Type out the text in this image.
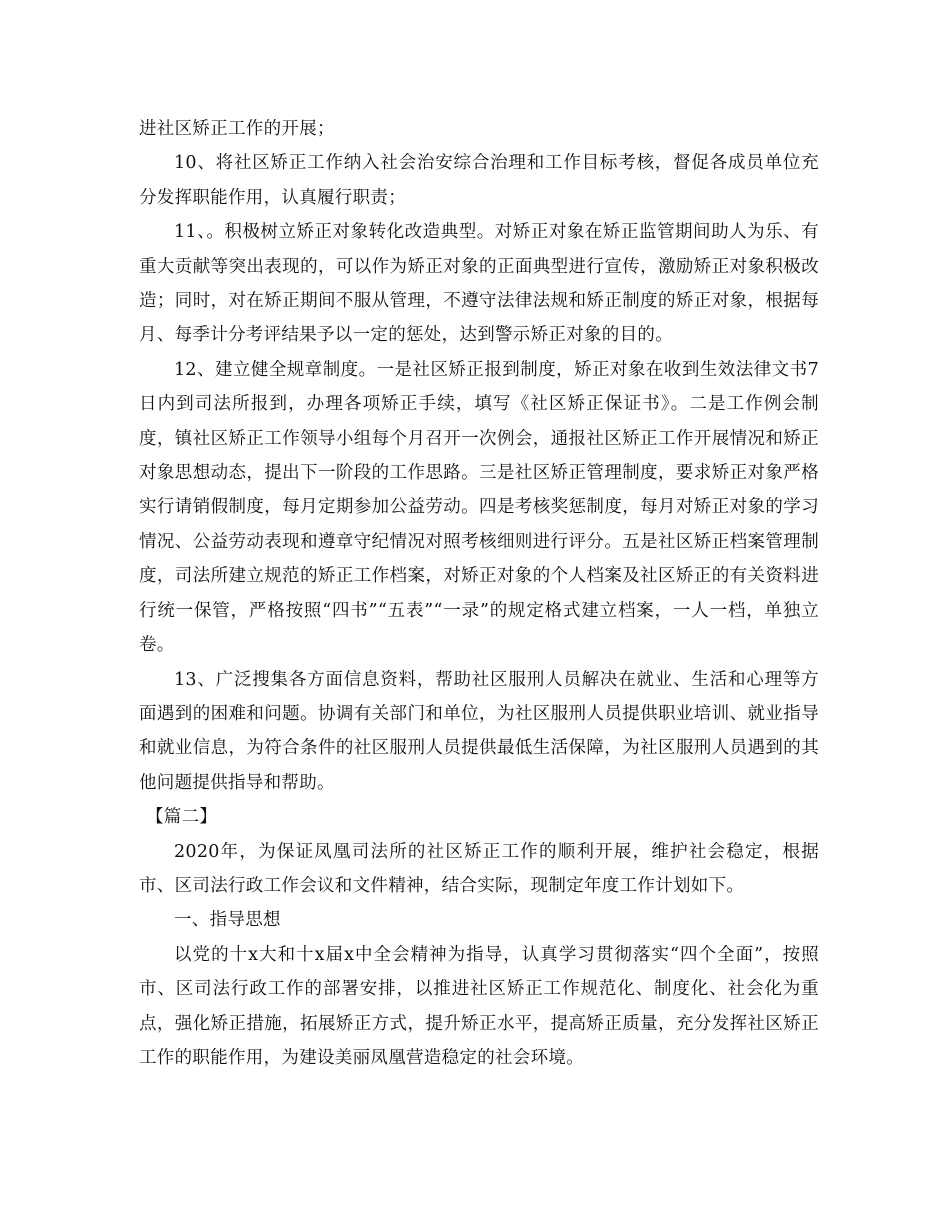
进社区矫正工作的开展；

10、将社区矫正工作纳入社会治安综合治理和工作目标考核，督促各成员单位充分发挥职能作用，认真履行职责；

11、。积极树立矫正对象转化改造典型。对矫正对象在矫正监管期间助人为乐、有重大贡献等突出表现的，可以作为矫正对象的正面典型进行宣传，激励矫正对象积极改造；同时，对在矫正期间不服从管理，不遵守法律法规和矫正制度的矫正对象，根据每月、每季计分考评结果予以一定的惩处，达到警示矫正对象的目的。

12、建立健全规章制度。一是社区矫正报到制度，矫正对象在收到生效法律文书7日内到司法所报到，办理各项矫正手续，填写《社区矫正保证书》。二是工作例会制度，镇社区矫正工作领导小组每个月召开一次例会，通报社区矫正工作开展情况和矫正对象思想动态，提出下一阶段的工作思路。三是社区矫正管理制度，要求矫正对象严格实行请销假制度，每月定期参加公益劳动。四是考核奖惩制度，每月对矫正对象的学习情况、公益劳动表现和遵章守纪情况对照考核细则进行评分。五是社区矫正档案管理制度，司法所建立规范的矫正工作档案，对矫正对象的个人档案及社区矫正的有关资料进行统一保管，严格按照“四书”“五表”“一录”的规定格式建立档案，一人一档，单独立卷。

13、广泛搜集各方面信息资料，帮助社区服刑人员解决在就业、生活和心理等方面遇到的困难和问题。协调有关部门和单位，为社区服刑人员提供职业培训、就业指导和就业信息，为符合条件的社区服刑人员提供最低生活保障，为社区服刑人员遇到的其他问题提供指导和帮助。

【篇二】

2020年，为保证凤凰司法所的社区矫正工作的顺利开展，维护社会稳定，根据市、区司法行政工作会议和文件精神，结合实际，现制定年度工作计划如下。

一、指导思想

以党的十x大和十x届x中全会精神为指导，认真学习贯彻落实“四个全面”，按照市、区司法行政工作的部署安排，以推进社区矫正工作规范化、制度化、社会化为重点，强化矫正措施，拓展矫正方式，提升矫正水平，提高矫正质量，充分发挥社区矫正工作的职能作用，为建设美丽凤凰营造稳定的社会环境。
